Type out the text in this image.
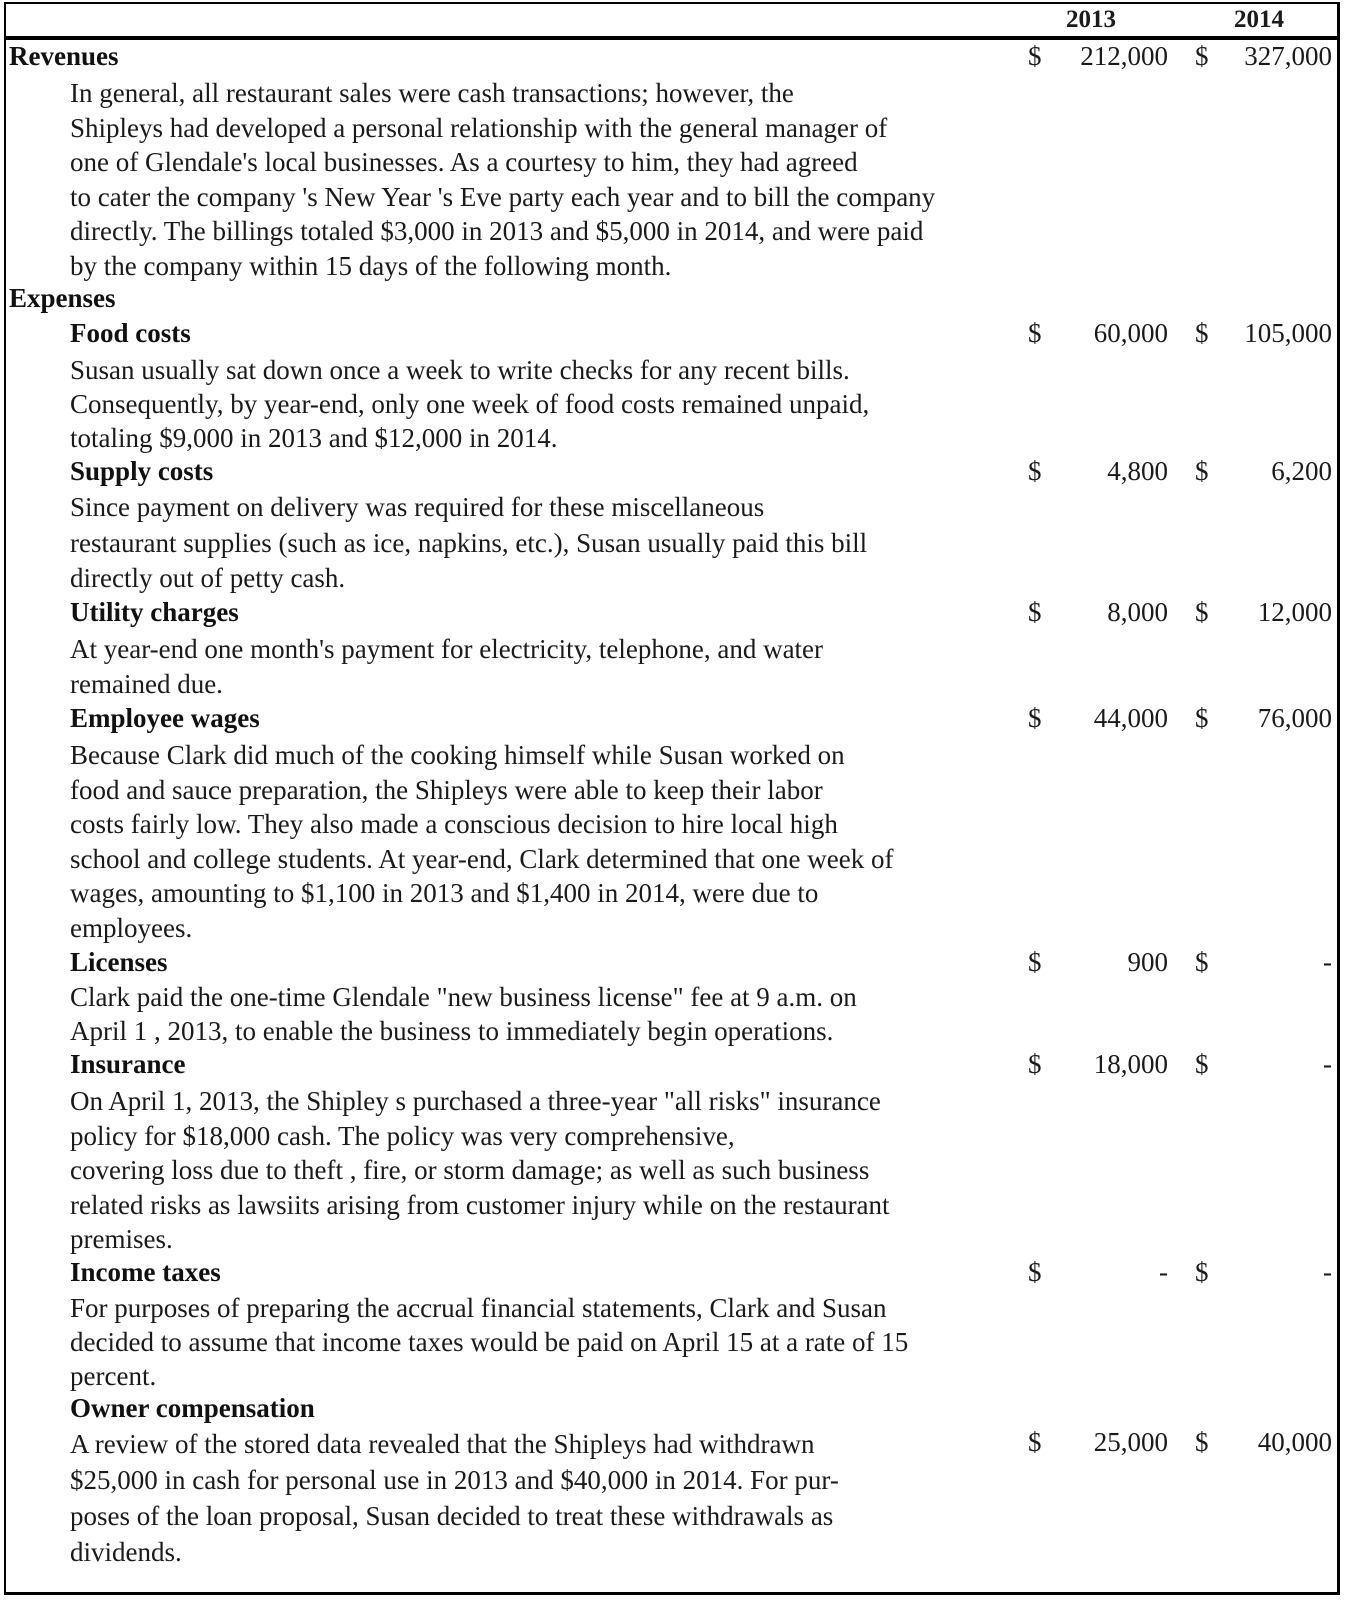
2013	2014
Revenues	$	212,000 $	327,000
In general, all restaurant sales were cash transactions; however, the
Shipleys had developed a personal relationship with the general manager of
one of Glendale's local businesses. As a courtesy to him, they had agreed
to cater the company 's New Year 's Eve party each year and to bill the company
directly. The billings totaled $3,000 in 2013 and $5,000 in 2014, and were paid
by the company within 15 days of the following month.
Expenses
Food costs	$	60,000 $	105,000
Susan usually sat down once a week to write checks for any recent bills.
Consequently, by year-end, only one week of food costs remained unpaid,
totaling $9,000 in 2013 and $12,000 in 2014.
Supply costs	$	4,800 $	6,200
Since payment on delivery was required for these miscellaneous
restaurant supplies (such as ice, napkins, etc.), Susan usually paid this bill
directly out of petty cash.
Utility charges	$	8,000 $	12,000
At year-end one month's payment for electricity, telephone, and water
remained due.
Employee wages	$	44,000 $	76,000
Because Clark did much of the cooking himself while Susan worked on
food and sauce preparation, the Shipleys were able to keep their labor
costs fairly low. They also made a conscious decision to hire local high
school and college students. At year-end, Clark determined that one week of
wages, amounting to $1,100 in 2013 and $1,400 in 2014, were due to
employees.
Licenses	$	900 $	-
Clark paid the one-time Glendale "new business license" fee at 9 a.m. on
April 1 , 2013, to enable the business to immediately begin operations.
Insurance	$	18,000 $	-
On April 1, 2013, the Shipley s purchased a three-year "all risks" insurance
policy for $18,000 cash. The policy was very comprehensive,
covering loss due to theft , fire, or storm damage; as well as such business
related risks as lawsiits arising from customer injury while on the restaurant
premises.
Income taxes	$	- $	-
For purposes of preparing the accrual financial statements, Clark and Susan
decided to assume that income taxes would be paid on April 15 at a rate of 15
percent.
Owner compensation
$	25,000 $	40,000
A review of the stored data revealed that the Shipleys had withdrawn
$25,000 in cash for personal use in 2013 and $40,000 in 2014. For pur-
poses of the loan proposal, Susan decided to treat these withdrawals as
dividends.
